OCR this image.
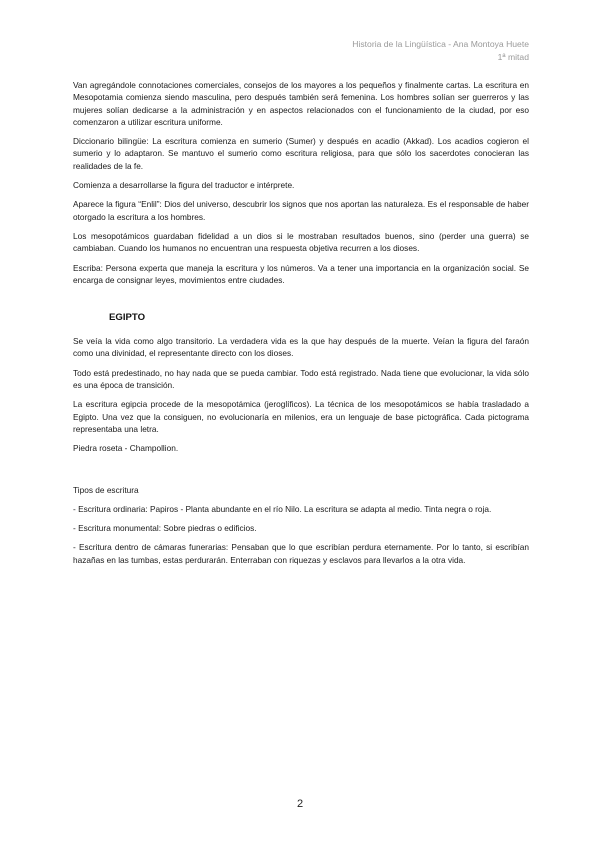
Historia de la Lingüística - Ana Montoya Huete
1ª mitad

Van agregándole connotaciones comerciales, consejos de los mayores a los pequeños y finalmente cartas. La escritura en Mesopotamia comienza siendo masculina, pero después también será femenina. Los hombres solían ser guerreros y las mujeres solían dedicarse a la administración y en aspectos relacionados con el funcionamiento de la ciudad, por eso comenzaron a utilizar escritura uniforme.

Diccionario bilingüe: La escritura comienza en sumerio (Sumer) y después en acadio (Akkad). Los acadios cogieron el sumerio y lo adaptaron. Se mantuvo el sumerio como escritura religiosa, para que sólo los sacerdotes conocieran las realidades de la fe.

Comienza a desarrollarse la figura del traductor e intérprete.

Aparece la figura “Enlil”: Dios del universo, descubrir los signos que nos aportan las naturaleza. Es el responsable de haber otorgado la escritura a los hombres.

Los mesopotámicos guardaban fidelidad a un dios si le mostraban resultados buenos, sino (perder una guerra) se cambiaban. Cuando los humanos no encuentran una respuesta objetiva recurren a los dioses.

Escriba: Persona experta que maneja la escritura y los números. Va a tener una importancia en la organización social. Se encarga de consignar leyes, movimientos entre ciudades.

EGIPTO

Se veía la vida como algo transitorio. La verdadera vida es la que hay después de la muerte. Veían la figura del faraón como una divinidad, el representante directo con los dioses.

Todo está predestinado, no hay nada que se pueda cambiar. Todo está registrado. Nada tiene que evolucionar, la vida sólo es una época de transición.

La escritura egipcia procede de la mesopotámica (jeroglíficos). La técnica de los mesopotámicos se había trasladado a Egipto. Una vez que la consiguen, no evolucionaría en milenios, era un lenguaje de base pictográfica. Cada pictograma representaba una letra.

Piedra roseta - Champollion.

Tipos de escritura

- Escritura ordinaria: Papiros - Planta abundante en el río Nilo. La escritura se adapta al medio. Tinta negra o roja.

- Escritura monumental: Sobre piedras o edificios.

- Escritura dentro de cámaras funerarias: Pensaban que lo que escribían perdura eternamente. Por lo tanto, si escribían hazañas en las tumbas, estas perdurarán. Enterraban con riquezas y esclavos para llevarlos a la otra vida.

2
